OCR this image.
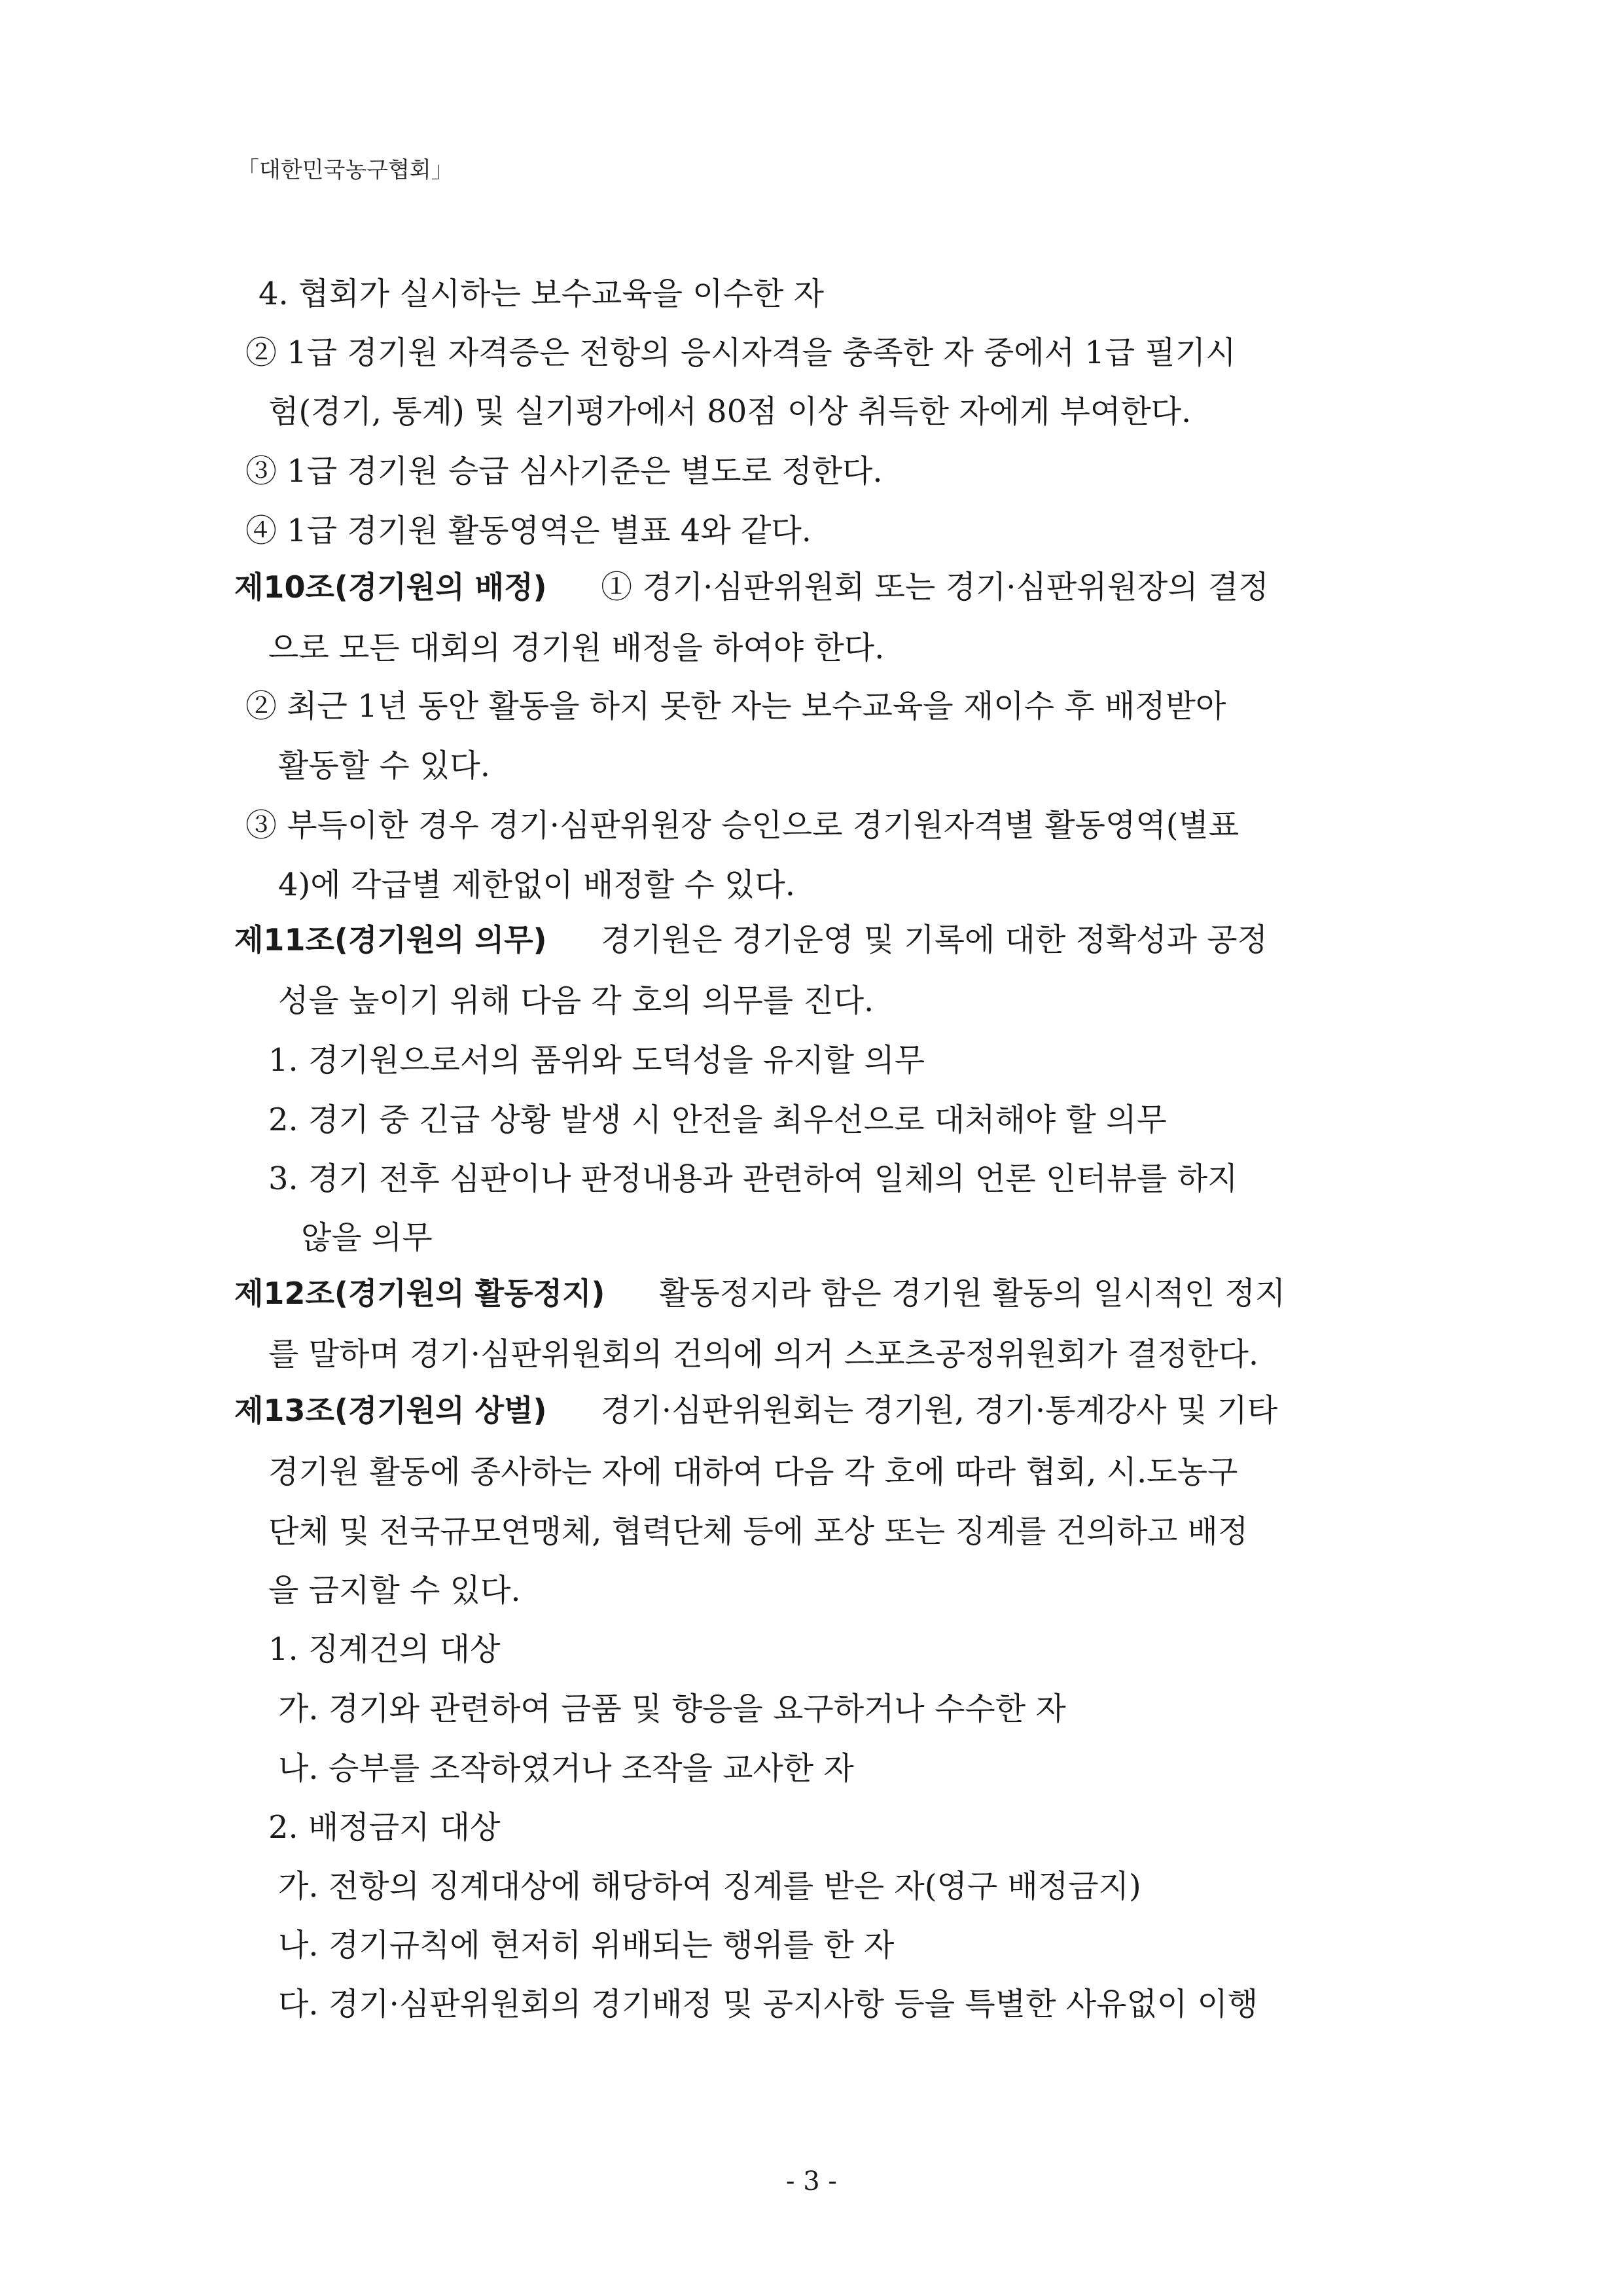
「대한민국농구협회」
4. 협회가 실시하는 보수교육을 이수한 자
② 1급 경기원 자격증은 전항의 응시자격을 충족한 자 중에서 1급 필기시
험(경기, 통계) 및 실기평가에서 80점 이상 취득한 자에게 부여한다.
③ 1급 경기원 승급 심사기준은 별도로 정한다.
④ 1급 경기원 활동영역은 별표 4와 같다.
제10조(경기원의 배정) ① 경기·심판위원회 또는 경기·심판위원장의 결정
으로 모든 대회의 경기원 배정을 하여야 한다.
② 최근 1년 동안 활동을 하지 못한 자는 보수교육을 재이수 후 배정받아
활동할 수 있다.
③ 부득이한 경우 경기·심판위원장 승인으로 경기원자격별 활동영역(별표
4)에 각급별 제한없이 배정할 수 있다.
제11조(경기원의 의무) 경기원은 경기운영 및 기록에 대한 정확성과 공정
성을 높이기 위해 다음 각 호의 의무를 진다.
1. 경기원으로서의 품위와 도덕성을 유지할 의무
2. 경기 중 긴급 상황 발생 시 안전을 최우선으로 대처해야 할 의무
3. 경기 전후 심판이나 판정내용과 관련하여 일체의 언론 인터뷰를 하지
않을 의무
제12조(경기원의 활동정지) 활동정지라 함은 경기원 활동의 일시적인 정지
를 말하며 경기·심판위원회의 건의에 의거 스포츠공정위원회가 결정한다.
제13조(경기원의 상벌) 경기·심판위원회는 경기원, 경기·통계강사 및 기타
경기원 활동에 종사하는 자에 대하여 다음 각 호에 따라 협회, 시.도농구
단체 및 전국규모연맹체, 협력단체 등에 포상 또는 징계를 건의하고 배정
을 금지할 수 있다.
1. 징계건의 대상
가. 경기와 관련하여 금품 및 향응을 요구하거나 수수한 자
나. 승부를 조작하였거나 조작을 교사한 자
2. 배정금지 대상
가. 전항의 징계대상에 해당하여 징계를 받은 자(영구 배정금지)
나. 경기규칙에 현저히 위배되는 행위를 한 자
다. 경기·심판위원회의 경기배정 및 공지사항 등을 특별한 사유없이 이행
- 3 -
